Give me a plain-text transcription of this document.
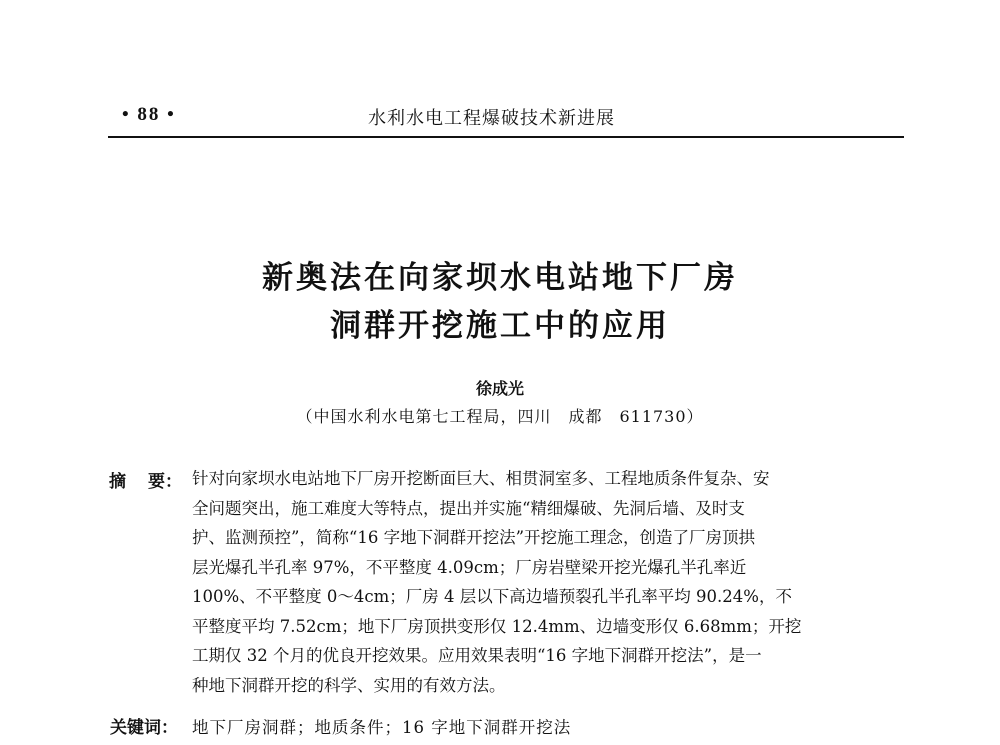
• 88 •	水利水电工程爆破技术新进展
新奥法在向家坝水电站地下厂房
洞群开挖施工中的应用
徐成光
（中国水利水电第七工程局，四川　成都　611730）
摘 要： 针对向家坝水电站地下厂房开挖断面巨大、相贯洞室多、工程地质条件复杂、安
全问题突出，施工难度大等特点，提出并实施“精细爆破、先洞后墙、及时支
护、监测预控”，简称“16 字地下洞群开挖法”开挖施工理念，创造了厂房顶拱
层光爆孔半孔率 97%，不平整度 4.09cm；厂房岩壁梁开挖光爆孔半孔率近
100%、不平整度 0～4cm；厂房 4 层以下高边墙预裂孔半孔率平均 90.24%，不
平整度平均 7.52cm；地下厂房顶拱变形仅 12.4mm、边墙变形仅 6.68mm；开挖
工期仅 32 个月的优良开挖效果。应用效果表明“16 字地下洞群开挖法”，是一
种地下洞群开挖的科学、实用的有效方法。
关键词： 地下厂房洞群；地质条件；16 字地下洞群开挖法
